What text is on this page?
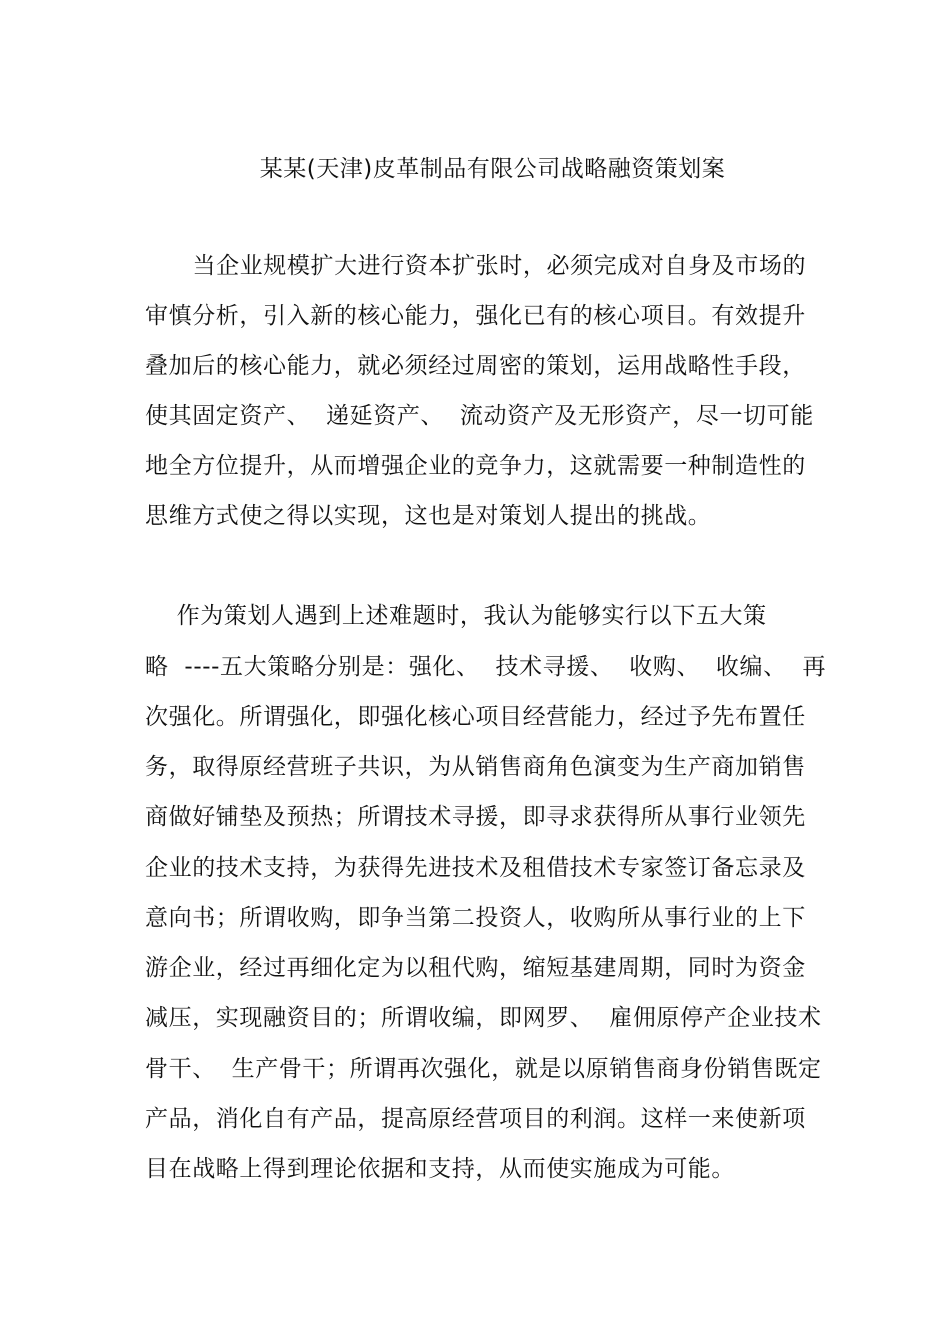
某某(天津)皮革制品有限公司战略融资策划案
当企业规模扩大进行资本扩张时，必须完成对自身及市场的
审慎分析，引入新的核心能力，强化已有的核心项目。有效提升
叠加后的核心能力，就必须经过周密的策划，运用战略性手段，
使其固定资产、  递延资产、  流动资产及无形资产，尽一切可能
地全方位提升，从而增强企业的竞争力，这就需要一种制造性的
思维方式使之得以实现，这也是对策划人提出的挑战。
作为策划人遇到上述难题时，我认为能够实行以下五大策
略  ----五大策略分别是：强化、  技术寻援、  收购、  收编、  再
次强化。所谓强化，即强化核心项目经营能力，经过予先布置任
务，取得原经营班子共识，为从销售商角色演变为生产商加销售
商做好铺垫及预热；所谓技术寻援，即寻求获得所从事行业领先
企业的技术支持，为获得先进技术及租借技术专家签订备忘录及
意向书；所谓收购，即争当第二投资人，收购所从事行业的上下
游企业，经过再细化定为以租代购，缩短基建周期，同时为资金
减压，实现融资目的；所谓收编，即网罗、  雇佣原停产企业技术
骨干、  生产骨干；所谓再次强化，就是以原销售商身份销售既定
产品，消化自有产品，提高原经营项目的利润。这样一来使新项
目在战略上得到理论依据和支持，从而使实施成为可能。
